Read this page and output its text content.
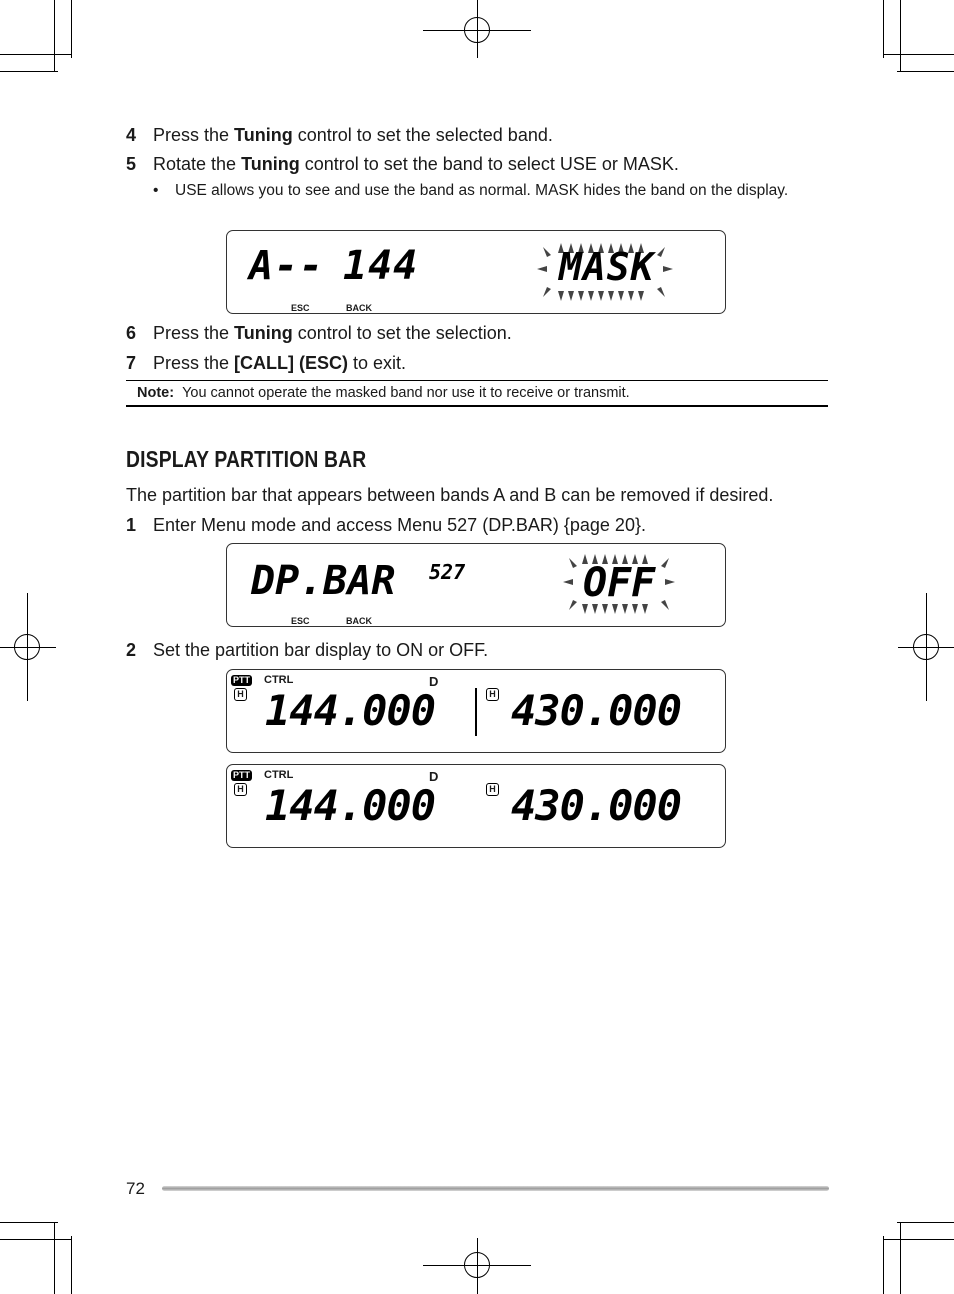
4 Press the Tuning control to set the selected band.
5 Rotate the Tuning control to set the band to select USE or MASK.
•	USE allows you to see and use the band as normal. MASK hides the band on the display.
A-- 144	MASK
ESC	BACK
6 Press the Tuning control to set the selection.
7 Press the [CALL] (ESC) to exit.
Note: You cannot operate the masked band nor use it to receive or transmit.
DISPLAY PARTITION BAR
The partition bar that appears between bands A and B can be removed if desired.
1 Enter Menu mode and access Menu 527 (DP.BAR) {page 20}.
DP.BAR 527	OFF
ESC	BACK
2 Set the partition bar display to ON or OFF.
PTT CTRL
H 144.000
D
H 430.000
PTT CTRL
H 144.000
D
H 430.000
72
